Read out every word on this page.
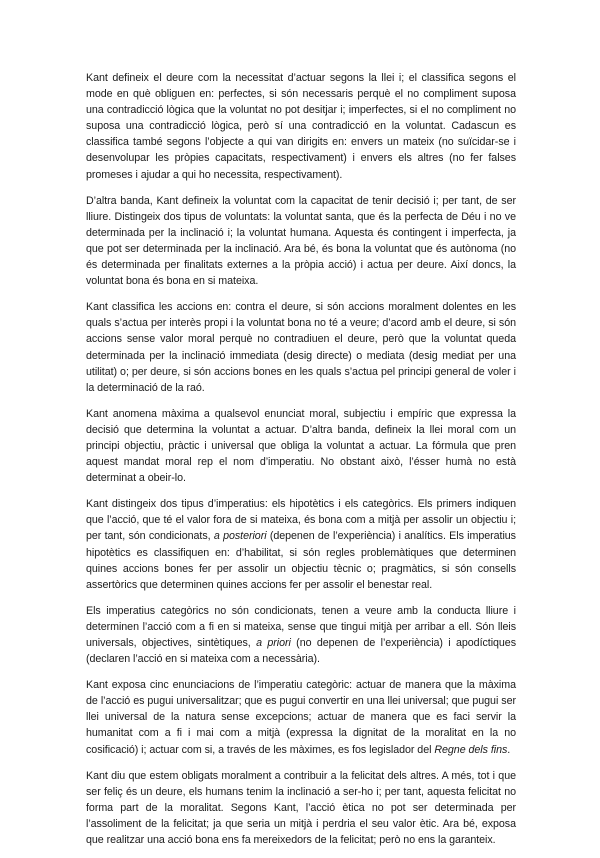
Kant defineix el deure com la necessitat d’actuar segons la llei i; el classifica segons el mode en què obliguen en: perfectes, si són necessaris perquè el no compliment suposa una contradicció lògica que la voluntat no pot desitjar i; imperfectes, si el no compliment no suposa una contradicció lògica, però sí una contradicció en la voluntat. Cadascun es classifica també segons l’objecte a qui van dirigits en: envers un mateix (no suïcidar-se i desenvolupar les pròpies capacitats, respectivament) i envers els altres (no fer falses promeses i ajudar a qui ho necessita, respectivament).

D’altra banda, Kant defineix la voluntat com la capacitat de tenir decisió i; per tant, de ser lliure. Distingeix dos tipus de voluntats: la voluntat santa, que és la perfecta de Déu i no ve determinada per la inclinació i; la voluntat humana. Aquesta és contingent i imperfecta, ja que pot ser determinada per la inclinació. Ara bé, és bona la voluntat que és autònoma (no és determinada per finalitats externes a la pròpia acció) i actua per deure. Així doncs, la voluntat bona és bona en si mateixa.

Kant classifica les accions en: contra el deure, si són accions moralment dolentes en les quals s’actua per interès propi i la voluntat bona no té a veure; d’acord amb el deure, si són accions sense valor moral perquè no contradiuen el deure, però que la voluntat queda determinada per la inclinació immediata (desig directe) o mediata (desig mediat per una utilitat) o; per deure, si són accions bones en les quals s’actua pel principi general de voler i la determinació de la raó.

Kant anomena màxima a qualsevol enunciat moral, subjectiu i empíric que expressa la decisió que determina la voluntat a actuar. D’altra banda, defineix la llei moral com un principi objectiu, pràctic i universal que obliga la voluntat a actuar. La fórmula que pren aquest mandat moral rep el nom d’imperatiu. No obstant això, l’ésser humà no està determinat a obeir-lo.

Kant distingeix dos tipus d’imperatius: els hipotètics i els categòrics. Els primers indiquen que l’acció, que té el valor fora de si mateixa, és bona com a mitjà per assolir un objectiu i; per tant, són condicionats, a posteriori (depenen de l’experiència) i analítics. Els imperatius hipotètics es classifiquen en: d’habilitat, si són regles problemàtiques que determinen quines accions bones fer per assolir un objectiu tècnic o; pragmàtics, si són consells assertòrics que determinen quines accions fer per assolir el benestar real.

Els imperatius categòrics no són condicionats, tenen a veure amb la conducta lliure i determinen l’acció com a fi en si mateixa, sense que tingui mitjà per arribar a ell. Són lleis universals, objectives, sintètiques, a priori (no depenen de l’experiència) i apodíctiques (declaren l’acció en si mateixa com a necessària).

Kant exposa cinc enunciacions de l’imperatiu categòric: actuar de manera que la màxima de l’acció es pugui universalitzar; que es pugui convertir en una llei universal; que pugui ser llei universal de la natura sense excepcions; actuar de manera que es faci servir la humanitat com a fi i mai com a mitjà (expressa la dignitat de la moralitat en la no cosificació) i; actuar com si, a través de les màximes, es fos legislador del Regne dels fins.

Kant diu que estem obligats moralment a contribuir a la felicitat dels altres. A més, tot i que ser feliç és un deure, els humans tenim la inclinació a ser-ho i; per tant, aquesta felicitat no forma part de la moralitat. Segons Kant, l’acció ètica no pot ser determinada per l’assoliment de la felicitat; ja que seria un mitjà i perdria el seu valor ètic. Ara bé, exposa que realitzar una acció bona ens fa mereixedors de la felicitat; però no ens la garanteix.
